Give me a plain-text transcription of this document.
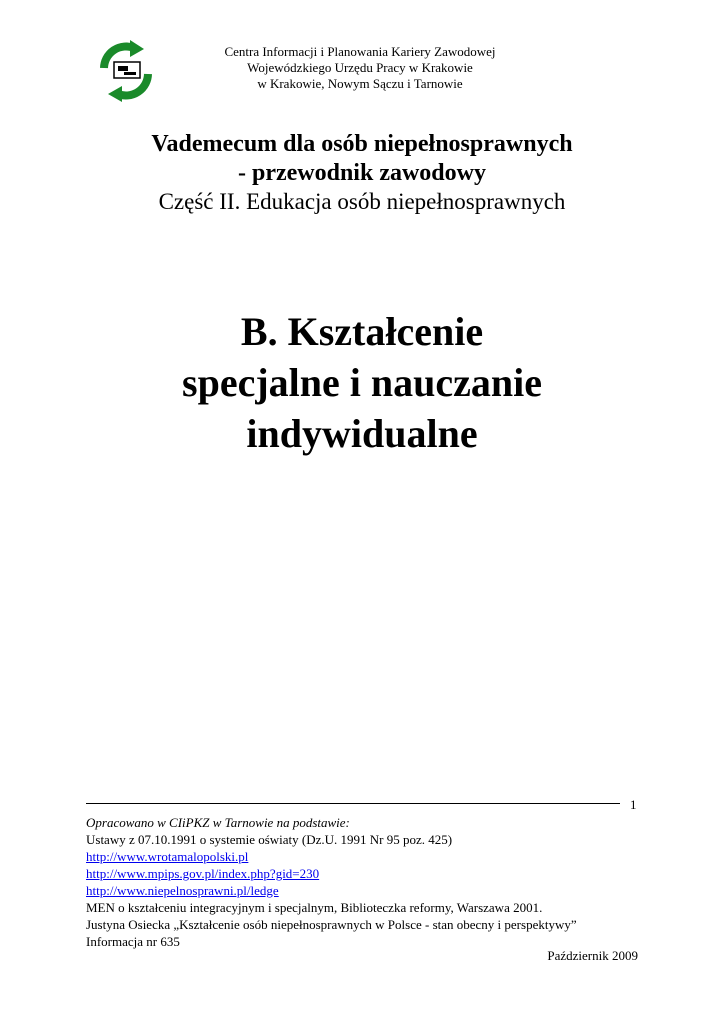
Centra Informacji i Planowania Kariery Zawodowej
Wojewódzkiego Urzędu Pracy w Krakowie
w Krakowie, Nowym Sączu i Tarnowie
Vademecum dla osób niepełnosprawnych
- przewodnik zawodowy
Część II. Edukacja osób niepełnosprawnych
B. Kształcenie
specjalne i nauczanie
indywidualne
1
Opracowano w CIiPKZ w Tarnowie na podstawie:
Ustawy z 07.10.1991 o systemie oświaty (Dz.U. 1991 Nr 95 poz. 425)
http://www.wrotamalopolski.pl
http://www.mpips.gov.pl/index.php?gid=230
http://www.niepelnosprawni.pl/ledge
MEN o kształceniu integracyjnym i specjalnym, Biblioteczka reformy, Warszawa 2001.
Justyna Osiecka „Kształcenie osób niepełnosprawnych w Polsce - stan obecny i perspektywy”
Informacja nr 635
Październik 2009
